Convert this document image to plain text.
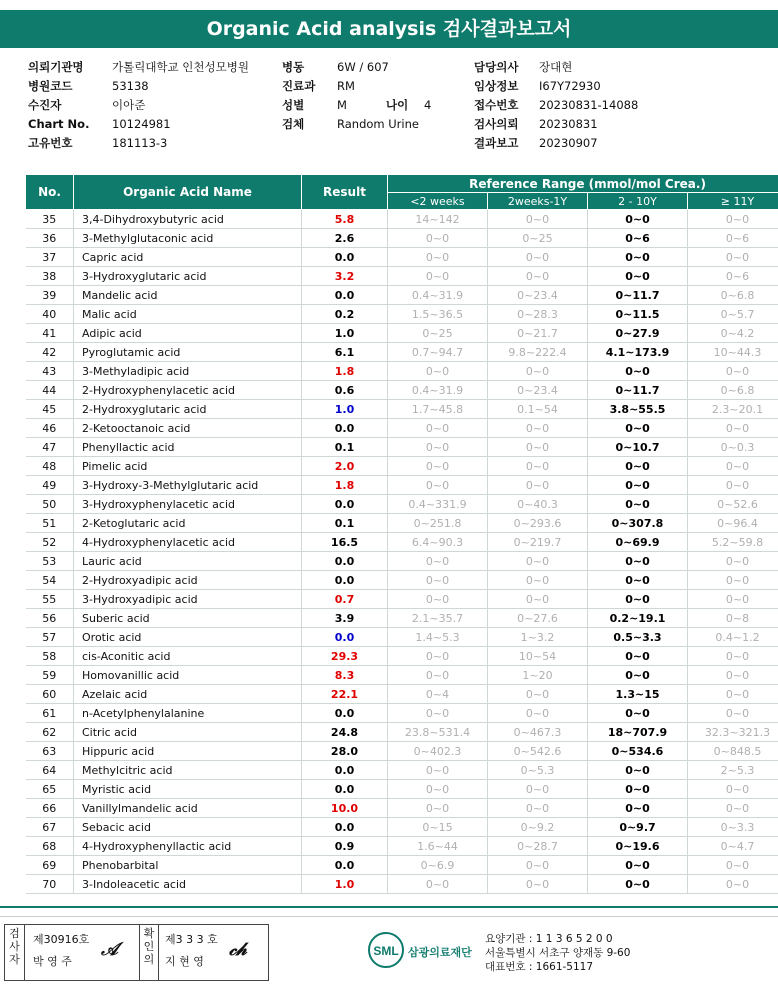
Organic Acid analysis 검사결과보고서
의뢰기관명 가톨릭대학교 인천성모병원	병동	6W / 607	담당의사 장대현
병원코드	53138	진료과 RM	임상정보 I67Y72930
수진자	이아준	성별	M	나이 4	접수번호 20230831-14088
Chart No. 10124981	검체	Random Urine	검사의뢰 20230831
고유번호	181113-3	결과보고 20230907
No.	Organic Acid Name	Result	Reference Range (mmol/mol Crea.)			
			<2 weeks	2weeks-1Y	2 - 10Y	≥ 11Y
35	3,4-Dihydroxybutyric acid	5.8	14~142	0~0	0~0	0~0
36	3-Methylglutaconic acid	2.6	0~0	0~25	0~6	0~6
37	Capric acid	0.0	0~0	0~0	0~0	0~0
38	3-Hydroxyglutaric acid	3.2	0~0	0~0	0~0	0~6
39	Mandelic acid	0.0	0.4~31.9	0~23.4	0~11.7	0~6.8
40	Malic acid	0.2	1.5~36.5	0~28.3	0~11.5	0~5.7
41	Adipic acid	1.0	0~25	0~21.7	0~27.9	0~4.2
42	Pyroglutamic acid	6.1	0.7~94.7	9.8~222.4	4.1~173.9	10~44.3
43	3-Methyladipic acid	1.8	0~0	0~0	0~0	0~0
44	2-Hydroxyphenylacetic acid	0.6	0.4~31.9	0~23.4	0~11.7	0~6.8
45	2-Hydroxyglutaric acid	1.0	1.7~45.8	0.1~54	3.8~55.5	2.3~20.1
46	2-Ketooctanoic acid	0.0	0~0	0~0	0~0	0~0
47	Phenyllactic acid	0.1	0~0	0~0	0~10.7	0~0.3
48	Pimelic acid	2.0	0~0	0~0	0~0	0~0
49	3-Hydroxy-3-Methylglutaric acid	1.8	0~0	0~0	0~0	0~0
50	3-Hydroxyphenylacetic acid	0.0	0.4~331.9	0~40.3	0~0	0~52.6
51	2-Ketoglutaric acid	0.1	0~251.8	0~293.6	0~307.8	0~96.4
52	4-Hydroxyphenylacetic acid	16.5	6.4~90.3	0~219.7	0~69.9	5.2~59.8
53	Lauric acid	0.0	0~0	0~0	0~0	0~0
54	2-Hydroxyadipic acid	0.0	0~0	0~0	0~0	0~0
55	3-Hydroxyadipic acid	0.7	0~0	0~0	0~0	0~0
56	Suberic acid	3.9	2.1~35.7	0~27.6	0.2~19.1	0~8
57	Orotic acid	0.0	1.4~5.3	1~3.2	0.5~3.3	0.4~1.2
58	cis-Aconitic acid	29.3	0~0	10~54	0~0	0~0
59	Homovanillic acid	8.3	0~0	1~20	0~0	0~0
60	Azelaic acid	22.1	0~4	0~0	1.3~15	0~0
61	n-Acetylphenylalanine	0.0	0~0	0~0	0~0	0~0
62	Citric acid	24.8	23.8~531.4	0~467.3	18~707.9	32.3~321.3
63	Hippuric acid	28.0	0~402.3	0~542.6	0~534.6	0~848.5
64	Methylcitric acid	0.0	0~0	0~5.3	0~0	2~5.3
65	Myristic acid	0.0	0~0	0~0	0~0	0~0
66	Vanillylmandelic acid	10.0	0~0	0~0	0~0	0~0
67	Sebacic acid	0.0	0~15	0~9.2	0~9.7	0~3.3
68	4-Hydroxyphenyllactic acid	0.9	1.6~44	0~28.7	0~19.6	0~4.7
69	Phenobarbital	0.0	0~6.9	0~0	0~0	0~0
70	3-Indoleacetic acid	1.0	0~0	0~0	0~0	0~0
검
사
자
제30916호
박 영 주
𝒜
확
인
의
제3 3 3 호
지 현 영
𝒸𝒽	SML 삼광의료재단
요양기관 : 1 1 3 6 5 2 0 0
서울특별시 서초구 양재동 9-60
대표번호 : 1661-5117
